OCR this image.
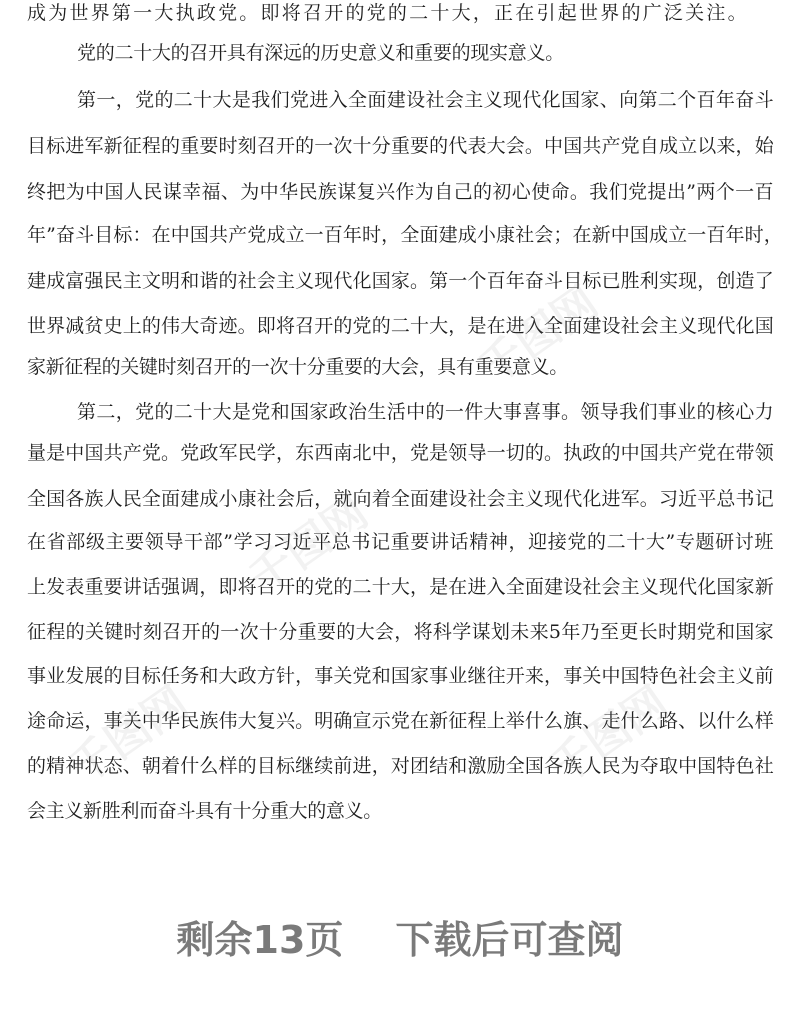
成为世界第一大执政党。即将召开的党的二十大，正在引起世界的广泛关注。
党的二十大的召开具有深远的历史意义和重要的现实意义。
第一，党的二十大是我们党进入全面建设社会主义现代化国家、向第二个百年奋斗
目标进军新征程的重要时刻召开的一次十分重要的代表大会。中国共产党自成立以来，始
终把为中国人民谋幸福、为中华民族谋复兴作为自己的初心使命。我们党提出”两个一百
年”奋斗目标：在中国共产党成立一百年时，全面建成小康社会；在新中国成立一百年时，
建成富强民主文明和谐的社会主义现代化国家。第一个百年奋斗目标已胜利实现，创造了
世界减贫史上的伟大奇迹。即将召开的党的二十大，是在进入全面建设社会主义现代化国
家新征程的关键时刻召开的一次十分重要的大会，具有重要意义。
第二，党的二十大是党和国家政治生活中的一件大事喜事。领导我们事业的核心力
量是中国共产党。党政军民学，东西南北中，党是领导一切的。执政的中国共产党在带领
全国各族人民全面建成小康社会后，就向着全面建设社会主义现代化进军。习近平总书记
在省部级主要领导干部”学习习近平总书记重要讲话精神，迎接党的二十大”专题研讨班
上发表重要讲话强调，即将召开的党的二十大，是在进入全面建设社会主义现代化国家新
征程的关键时刻召开的一次十分重要的大会，将科学谋划未来5年乃至更长时期党和国家
事业发展的目标任务和大政方针，事关党和国家事业继往开来，事关中国特色社会主义前
途命运，事关中华民族伟大复兴。明确宣示党在新征程上举什么旗、走什么路、以什么样
的精神状态、朝着什么样的目标继续前进，对团结和激励全国各族人民为夺取中国特色社
会主义新胜利而奋斗具有十分重大的意义。
千图网
千图网
千图网	千图网
剩余13页 下载后可查阅
